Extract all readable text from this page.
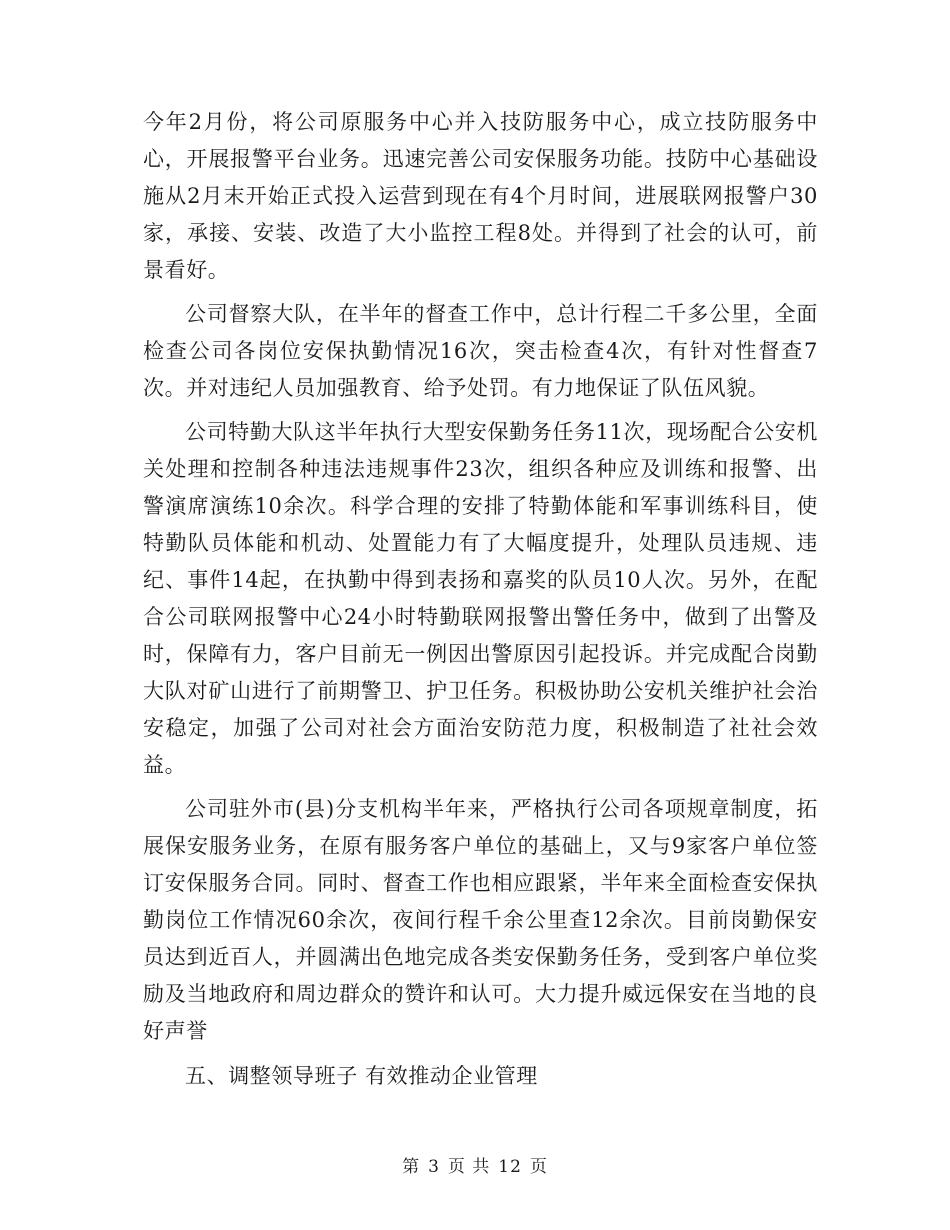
今年2月份，将公司原服务中心并入技防服务中心，成立技防服务中心，开展报警平台业务。迅速完善公司安保服务功能。技防中心基础设施从2月末开始正式投入运营到现在有4个月时间，进展联网报警户30家，承接、安装、改造了大小监控工程8处。并得到了社会的认可，前景看好。

公司督察大队，在半年的督查工作中，总计行程二千多公里，全面检查公司各岗位安保执勤情况16次，突击检查4次，有针对性督查7次。并对违纪人员加强教育、给予处罚。有力地保证了队伍风貌。

公司特勤大队这半年执行大型安保勤务任务11次，现场配合公安机关处理和控制各种违法违规事件23次，组织各种应及训练和报警、出警演席演练10余次。科学合理的安排了特勤体能和军事训练科目，使特勤队员体能和机动、处置能力有了大幅度提升，处理队员违规、违纪、事件14起，在执勤中得到表扬和嘉奖的队员10人次。另外，在配合公司联网报警中心24小时特勤联网报警出警任务中，做到了出警及时，保障有力，客户目前无一例因出警原因引起投诉。并完成配合岗勤大队对矿山进行了前期警卫、护卫任务。积极协助公安机关维护社会治安稳定，加强了公司对社会方面治安防范力度，积极制造了社社会效益。

公司驻外市(县)分支机构半年来，严格执行公司各项规章制度，拓展保安服务业务，在原有服务客户单位的基础上，又与9家客户单位签订安保服务合同。同时、督查工作也相应跟紧，半年来全面检查安保执勤岗位工作情况60余次，夜间行程千余公里查12余次。目前岗勤保安员达到近百人，并圆满出色地完成各类安保勤务任务，受到客户单位奖励及当地政府和周边群众的赞许和认可。大力提升威远保安在当地的良好声誉

五、调整领导班子 有效推动企业管理

第 3 页 共 12 页
